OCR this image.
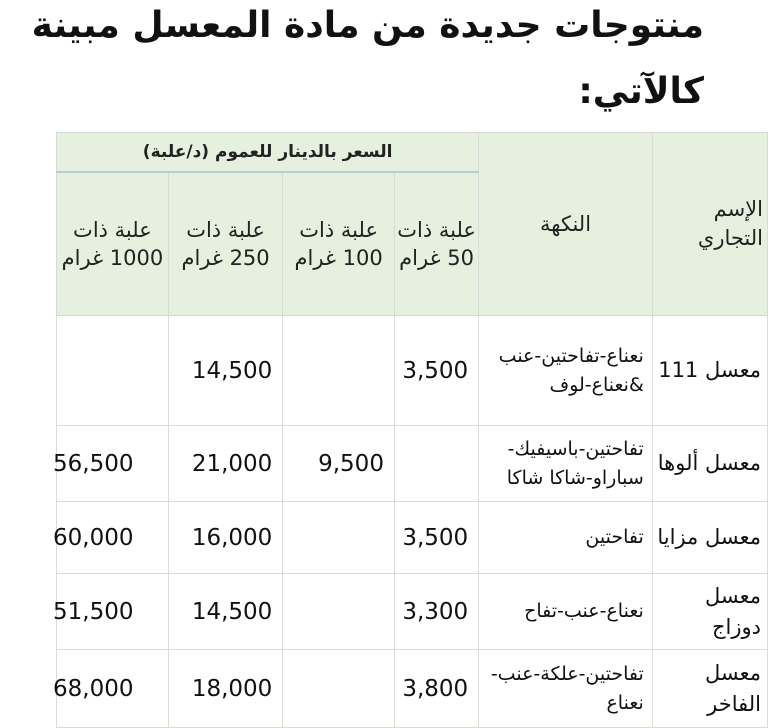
منتوجات جديدة من مادة المعسل مبينة
كالآتي:
الإسم التجاري	النكهة	السعر بالدينار للعموم (د/علبة)			
		علبة ذات 50 غرام	علبة ذات 100 غرام	علبة ذات 250 غرام	علبة ذات 1000 غرام
معسل 111	نعناع-تفاحتين-عنب &نعناع-لوف	3,500		14,500	
معسل ألوها	تفاحتين-باسيفيك-سباراو-شاكا شاكا		9,500	21,000	56,500
معسل مزايا	تفاحتين	3,500		16,000	60,000
معسل دوزاج	نعناع-عنب-تفاح	3,300		14,500	51,500
معسل الفاخر	تفاحتين-علكة-عنب-نعناع	3,800		18,000	68,000
